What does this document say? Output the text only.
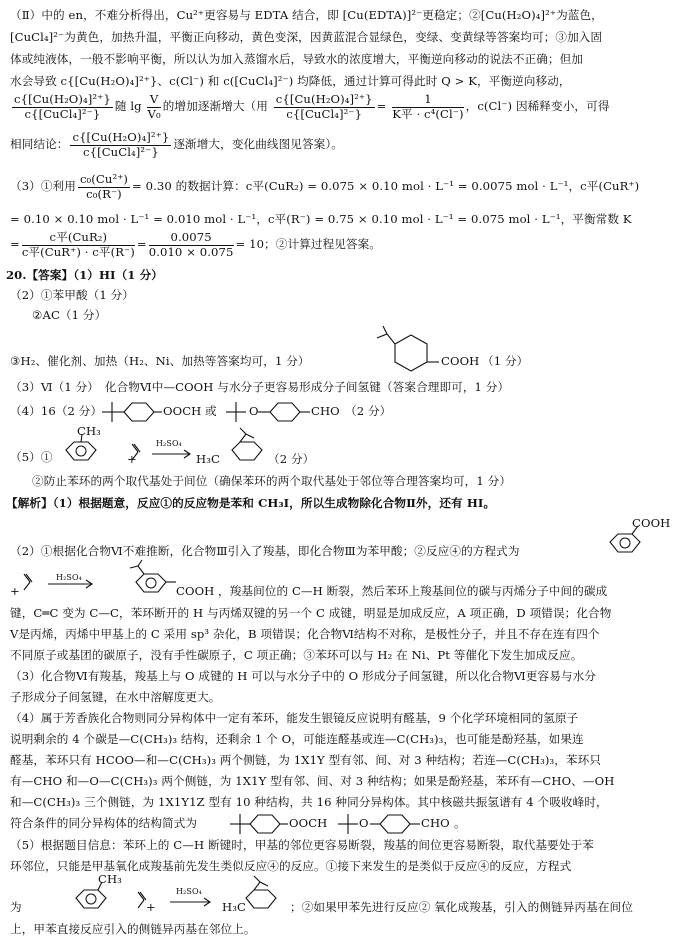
（Ⅱ）中的 en，不难分析得出，Cu²⁺更容易与 EDTA 结合，即 [Cu(EDTA)]²⁻更稳定；②[Cu(H₂O)₄]²⁺为蓝色，
[CuCl₄]²⁻为黄色，加热升温，平衡正向移动，黄色变深，因黄蓝混合显绿色，变绿、变黄绿等答案均可；③加入固
体或纯液体，一般不影响平衡，所以认为加入蒸馏水后，导致水的浓度增大，平衡逆向移动的说法不正确；但加
水会导致 c{[Cu(H₂O)₄]²⁺}、c(Cl⁻) 和 c([CuCl₄]²⁻) 均降低，通过计算可得此时 Q > K，平衡逆向移动，
$\frac{\text{c\{[Cu(H₂O)₄]²⁺\}}}{\text{c\{[CuCl₄]²⁻\}}}$ 随 $\lg \frac{V}{\text{V₀}}$ 的增加逐渐增大（用 $\frac{\text{c\{[Cu(H₂O)₄]²⁺\}}}{\text{c\{[CuCl₄]²⁻\}}} = \frac{1}{\text{K平 · c⁴(Cl⁻)}}$ ，c(Cl⁻) 因稀释变小，可得
相同结论： $\frac{\text{c\{[Cu(H₂O)₄]²⁺\}}}{\text{c\{[CuCl₄]²⁻\}}}$ 逐渐增大，变化曲线图见答案）。
（3）①利用 $\frac{\text{c₀(Cu²⁺)}}{\text{c₀(R⁻)}} = 0.30$ 的数据计算：c平(CuR₂) = 0.075 × 0.10 mol · L⁻¹ = 0.0075 mol · L⁻¹，c平(CuR⁺)
= 0.10 × 0.10 mol · L⁻¹ = 0.010 mol · L⁻¹，c平(R⁻) = 0.75 × 0.10 mol · L⁻¹ = 0.075 mol · L⁻¹，平衡常数 K
= $\frac{\text{c平(CuR₂)}}{\text{c平(CuR⁺) · c平(R⁻)}} = \frac{0.0075}{0.010 \times 0.075} = 10$；②计算过程见答案。
20.【答案】（1）HI（1 分）
（2）①苯甲酸（1 分）
②AC（1 分）
③H₂、催化剂、加热（H₂、Ni、加热等答案均可，1 分）	COOH （1 分）
（3）Ⅵ（1 分）　化合物Ⅵ中—COOH 与水分子更容易形成分子间氢键（答案合理即可，1 分）
（4）16（2 分）	OOCH 或	O	CHO （2 分）
（5）①
CH₃
+
H₂SO₄
H₃C	（2 分）
②防止苯环的两个取代基处于间位（确保苯环的两个取代基处于邻位等合理答案均可，1 分）
【解析】（1）根据题意，反应①的反应物是苯和 CH₃I，所以生成物除化合物Ⅱ外，还有 HI。
COOH
（2）①根据化合物Ⅵ不难推断，化合物Ⅲ引入了羧基，即化合物Ⅲ为苯甲酸；②反应④的方程式为
+
H₂SO₄
COOH ，羧基间位的 C—H 断裂，然后苯环上羧基间位的碳与丙烯分子中间的碳成
键，C═C 变为 C—C，苯环断开的 H 与丙烯双键的另一个 C 成键，明显是加成反应，A 项正确，D 项错误；化合物
Ⅴ是丙烯，丙烯中甲基上的 C 采用 sp³ 杂化，B 项错误；化合物Ⅵ结构不对称，是极性分子，并且不存在连有四个
不同原子或基团的碳原子，没有手性碳原子，C 项正确；③苯环可以与 H₂ 在 Ni、Pt 等催化下发生加成反应。
（3）化合物Ⅵ有羧基，羧基上与 O 成键的 H 可以与水分子中的 O 形成分子间氢键，所以化合物Ⅵ更容易与水分
子形成分子间氢键，在水中溶解度更大。
（4）属于芳香族化合物则同分异构体中一定有苯环，能发生银镜反应说明有醛基，9 个化学环境相同的氢原子
说明剩余的 4 个碳是—C(CH₃)₃ 结构，还剩余 1 个 O，可能连醛基或连—C(CH₃)₃，也可能是酚羟基，如果连
醛基，苯环只有 HCOO—和—C(CH₃)₃ 两个侧链，为 1X1Y 型有邻、间、对 3 种结构；若连—C(CH₃)₃，苯环只
有—CHO 和—O—C(CH₃)₃ 两个侧链，为 1X1Y 型有邻、间、对 3 种结构；如果是酚羟基，苯环有—CHO、—OH
和—C(CH₃)₃ 三个侧链，为 1X1Y1Z 型有 10 种结构，共 16 种同分异构体。其中核磁共振氢谱有 4 个吸收峰时，
符合条件的同分异构体的结构简式为	OOCH	O	CHO 。
（5）根据题目信息：苯环上的 C—H 断键时，甲基的邻位更容易断裂，羧基的间位更容易断裂，取代基要处于苯
环邻位，只能是甲基氧化成羧基前先发生类似反应④的反应。①接下来发生的是类似于反应④的反应，方程式
为
CH₃
+
H₂SO₄
H₃C	；②如果甲苯先进行反应② 氧化成羧基，引入的侧链异丙基在间位
上，甲苯直接反应引入的侧链异丙基在邻位上。
